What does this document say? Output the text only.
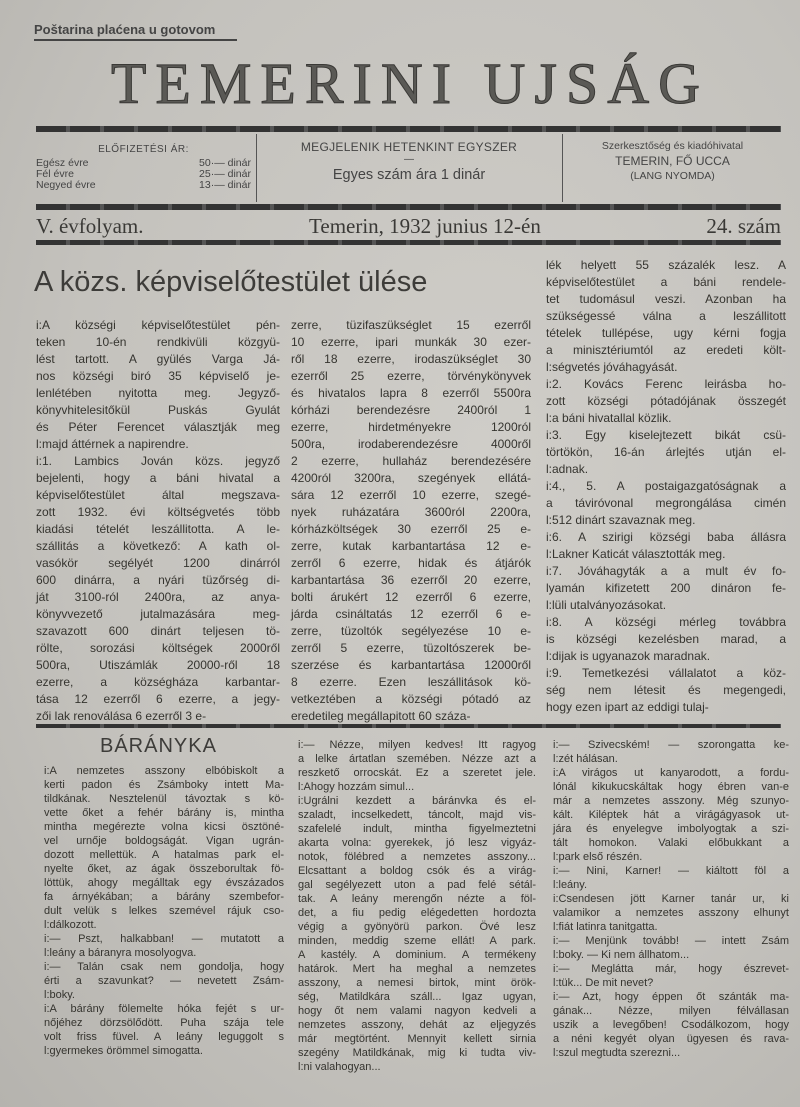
Poštarina plaćena u gotovom
TEMERINI UJSÁG
ELŐFIZETÉSI ÁR:
Egész évre	50·— dinár
Fél évre	25·— dinár
Negyed évre	13·— dinár
MEGJELENIK HETENKINT EGYSZER
—
Egyes szám ára 1 dinár
Szerkesztőség és kiadóhivatal
TEMERIN, FŐ UCCA
(LANG NYOMDA)
V. évfolyam.	Temerin, 1932 junius 12-én	24. szám
A közs. képviselőtestület ülése
i:A községi képviselőtestület pén-
teken 10-én rendkivüli közgyü-
lést tartott. A gyülés Varga Já-
nos községi biró 35 képviselő je-
lenlétében nyitotta meg. Jegyző-
könyvhitelesitőkül Puskás Gyulát
és Péter Ferencet választják meg
l:majd áttérnek a napirendre.
i:1. Lambics Jován közs. jegyző
bejelenti, hogy a báni hivatal a
képviselőtestület által megszava-
zott 1932. évi költségvetés több
kiadási tételét leszállitotta. A le-
szállitás a következő: A kath ol-
vasókör segélyét 1200 dinárról
600 dinárra, a nyári tüzőrség di-
ját 3100-ról 2400ra, az anya-
könyvvezető jutalmazására meg-
szavazott 600 dinárt teljesen tö-
rölte, sorozási költségek 2000ről
500ra, Utiszámlák 20000-ről 18
ezerre, a községháza karbantar-
tása 12 ezerről 6 ezerre, a jegy-
zői lak renoválása 6 ezerről 3 e-
zerre, tüzifaszükséglet 15 ezerről
10 ezerre, ipari munkák 30 ezer-
ről 18 ezerre, irodaszükséglet 30
ezerről 25 ezerre, törvénykönyvek
és hivatalos lapra 8 ezerről 5500ra
kórházi berendezésre 2400ról 1
ezerre, hirdetményekre 1200ról
500ra, irodaberendezésre 4000ről
2 ezerre, hullaház berendezésére
4200ról 3200ra, szegények ellátá-
sára 12 ezerről 10 ezerre, szegé-
nyek ruházatára 3600ról 2200ra,
kórházköltségek 30 ezerről 25 e-
zerre, kutak karbantartása 12 e-
zerről 6 ezerre, hidak és átjárók
karbantartása 36 ezerről 20 ezerre,
bolti árukért 12 ezerről 6 ezerre,
járda csináltatás 12 ezerről 6 e-
zerre, tüzoltók segélyezése 10 e-
zerről 5 ezerre, tüzoltószerek be-
szerzése és karbantartása 12000ről
8 ezerre. Ezen leszállitások kö-
vetkeztében a községi pótadó az
eredetileg megállapitott 60 száza-
lék helyett 55 százalék lesz. A
képviselőtestület a báni rendele-
tet tudomásul veszi. Azonban ha
szükségessé válna a leszállitott
tételek tullépése, ugy kérni fogja
a minisztériumtól az eredeti költ-
l:ségvetés jóváhagyását.
i:2. Kovács Ferenc leirásba ho-
zott községi pótadójának összegét
l:a báni hivatallal közlik.
i:3. Egy kiselejtezett bikát csü-
törtökön, 16-án árlejtés utján el-
l:adnak.
i:4., 5. A postaigazgatóságnak a
a táviróvonal megrongálása cimén
l:512 dinárt szavaznak meg.
i:6. A szirigi községi baba állásra
l:Lakner Katicát választották meg.
i:7. Jóváhagyták a a mult év fo-
lyamán kifizetett 200 dináron fe-
l:lüli utalványozásokat.
i:8. A községi mérleg továbbra
is községi kezelésben marad, a
l:dijak is ugyanazok maradnak.
i:9. Temetkezési vállalatot a köz-
ség nem létesit és megengedi,
hogy ezen ipart az eddigi tulaj-
BÁRÁNYKA
i:A nemzetes asszony elbóbiskolt a
kerti padon és Zsámboky intett Ma-
tildkának. Nesztelenül távoztak s kö-
vette őket a fehér bárány is, mintha
mintha megérezte volna kicsi ösztöné-
vel urnője boldogságát. Vigan ugrán-
dozott mellettük. A hatalmas park el-
nyelte őket, az ágak összeborultak fö-
löttük, ahogy megálltak egy évszázados
fa árnyékában; a bárány szembefor-
dult velük s lelkes szemével rájuk cso-
l:dálkozott.
i:— Pszt, halkabban! — mutatott a
l:leány a báranyra mosolyogva.
i:— Talán csak nem gondolja, hogy
érti a szavunkat? — nevetett Zsám-
l:boky.
i:A bárány fölemelte hóka fejét s ur-
nőjéhez dörzsölődött. Puha szája tele
volt friss füvel. A leány leguggolt s
l:gyermekes örömmel simogatta.
i:— Nézze, milyen kedves! Itt ragyog
a lelke ártatlan szemében. Nézze azt a
reszkető orrocskát. Ez a szeretet jele.
l:Ahogy hozzám simul...
i:Ugrálni kezdett a báránvka és el-
szaladt, incselkedett, táncolt, majd vis-
szafelelé indult, mintha figyelmeztetni
akarta volna: gyerekek, jó lesz vigyáz-
notok, fölébred a nemzetes asszony...
Elcsattant a boldog csók és a virág-
gal segélyezett uton a pad felé sétál-
tak. A leány merengőn nézte a föl-
det, a fiu pedig elégedetten hordozta
végig a gyönyörü parkon. Övé lesz
minden, meddig szeme ellát! A park.
A kastély. A dominium. A termékeny
határok. Mert ha meghal a nemzetes
asszony, a nemesi birtok, mint örök-
ség, Matildkára száll... Igaz ugyan,
hogy őt nem valami nagyon kedveli a
nemzetes asszony, dehát az eljegyzés
már megtörtént. Mennyit kellett sirnia
szegény Matildkának, mig ki tudta viv-
l:ni valahogyan...
i:— Szivecském! — szorongatta ke-
l:zét hálásan.
i:A virágos ut kanyarodott, a fordu-
lónál kikukucskáltak hogy ébren van-e
már a nemzetes asszony. Még szunyo-
kált. Kiléptek hát a virágágyasok ut-
jára és enyelegve imbolyogtak a szi-
tált homokon. Valaki előbukkant a
l:park első részén.
i:— Nini, Karner! — kiáltott föl a
l:leány.
i:Csendesen jött Karner tanár ur, ki
valamikor a nemzetes asszony elhunyt
l:fiát latinra tanitgatta.
i:— Menjünk tovább! — intett Zsám
l:boky. — Ki nem állhatom...
i:— Meglátta már, hogy észrevet-
l:tük... De mit nevet?
i:— Azt, hogy éppen őt szánták ma-
gának... Nézze, milyen félvállasan
uszik a levegőben! Csodálkozom, hogy
a néni kegyét olyan ügyesen és rava-
l:szul megtudta szerezni...
